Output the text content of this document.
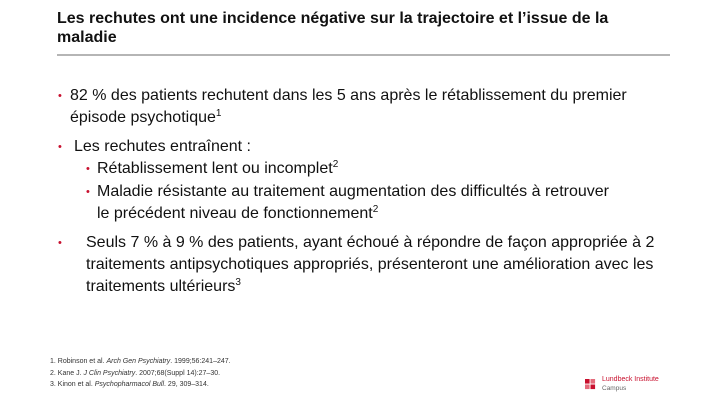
Les rechutes ont une incidence négative sur la trajectoire et l’issue de la maladie
• 82 % des patients rechutent dans les 5 ans après le rétablissement du premier épisode psychotique$^1$
• Les rechutes entraînent :
• Rétablissement lent ou incomplet$^2$
• Maladie résistante au traitement augmentation des difficultés à retrouver le précédent niveau de fonctionnement$^2$
• Seuls 7 % à 9 % des patients, ayant échoué à répondre de façon appropriée à 2 traitements antipsychotiques appropriés, présenteront une amélioration avec les traitements ultérieurs$^3$
1. Robinson et al. Arch Gen Psychiatry. 1999;56:241–247.
2. Kane J. J Clin Psychiatry. 2007;68(Suppl 14):27–30.
3. Kinon et al. Psychopharmacol Bull. 29, 309–314.
Lundbeck Institute
Campus
